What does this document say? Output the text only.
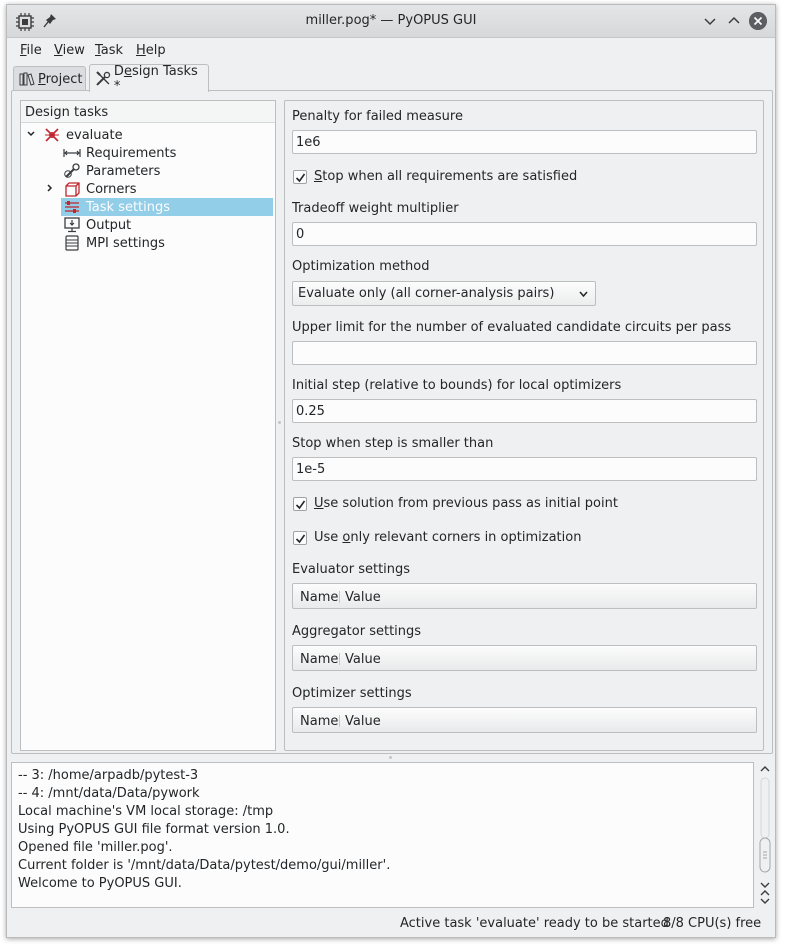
miller.pog* — PyOPUS GUI
File View Task Help
Project
Design Tasks *
Design tasks
evaluate
Requirements
Parameters
Corners
Task settings
Output
MPI settings
Penalty for failed measure
1e6
Stop when all requirements are satisfied
Tradeoff weight multiplier
0
Optimization method
Evaluate only (all corner-analysis pairs)
Upper limit for the number of evaluated candidate circuits per pass
Initial step (relative to bounds) for local optimizers
0.25
Stop when step is smaller than
1e-5
Use solution from previous pass as initial point
Use only relevant corners in optimization
Evaluator settings
Name Value
Aggregator settings
Name Value
Optimizer settings
Name Value
-- 3: /home/arpadb/pytest-3
-- 4: /mnt/data/Data/pywork
Local machine's VM local storage: /tmp
Using PyOPUS GUI file format version 1.0.
Opened file 'miller.pog'.
Current folder is '/mnt/data/Data/pytest/demo/gui/miller'.
Welcome to PyOPUS GUI.
Active task 'evaluate' ready to be started
8/8 CPU(s) free
